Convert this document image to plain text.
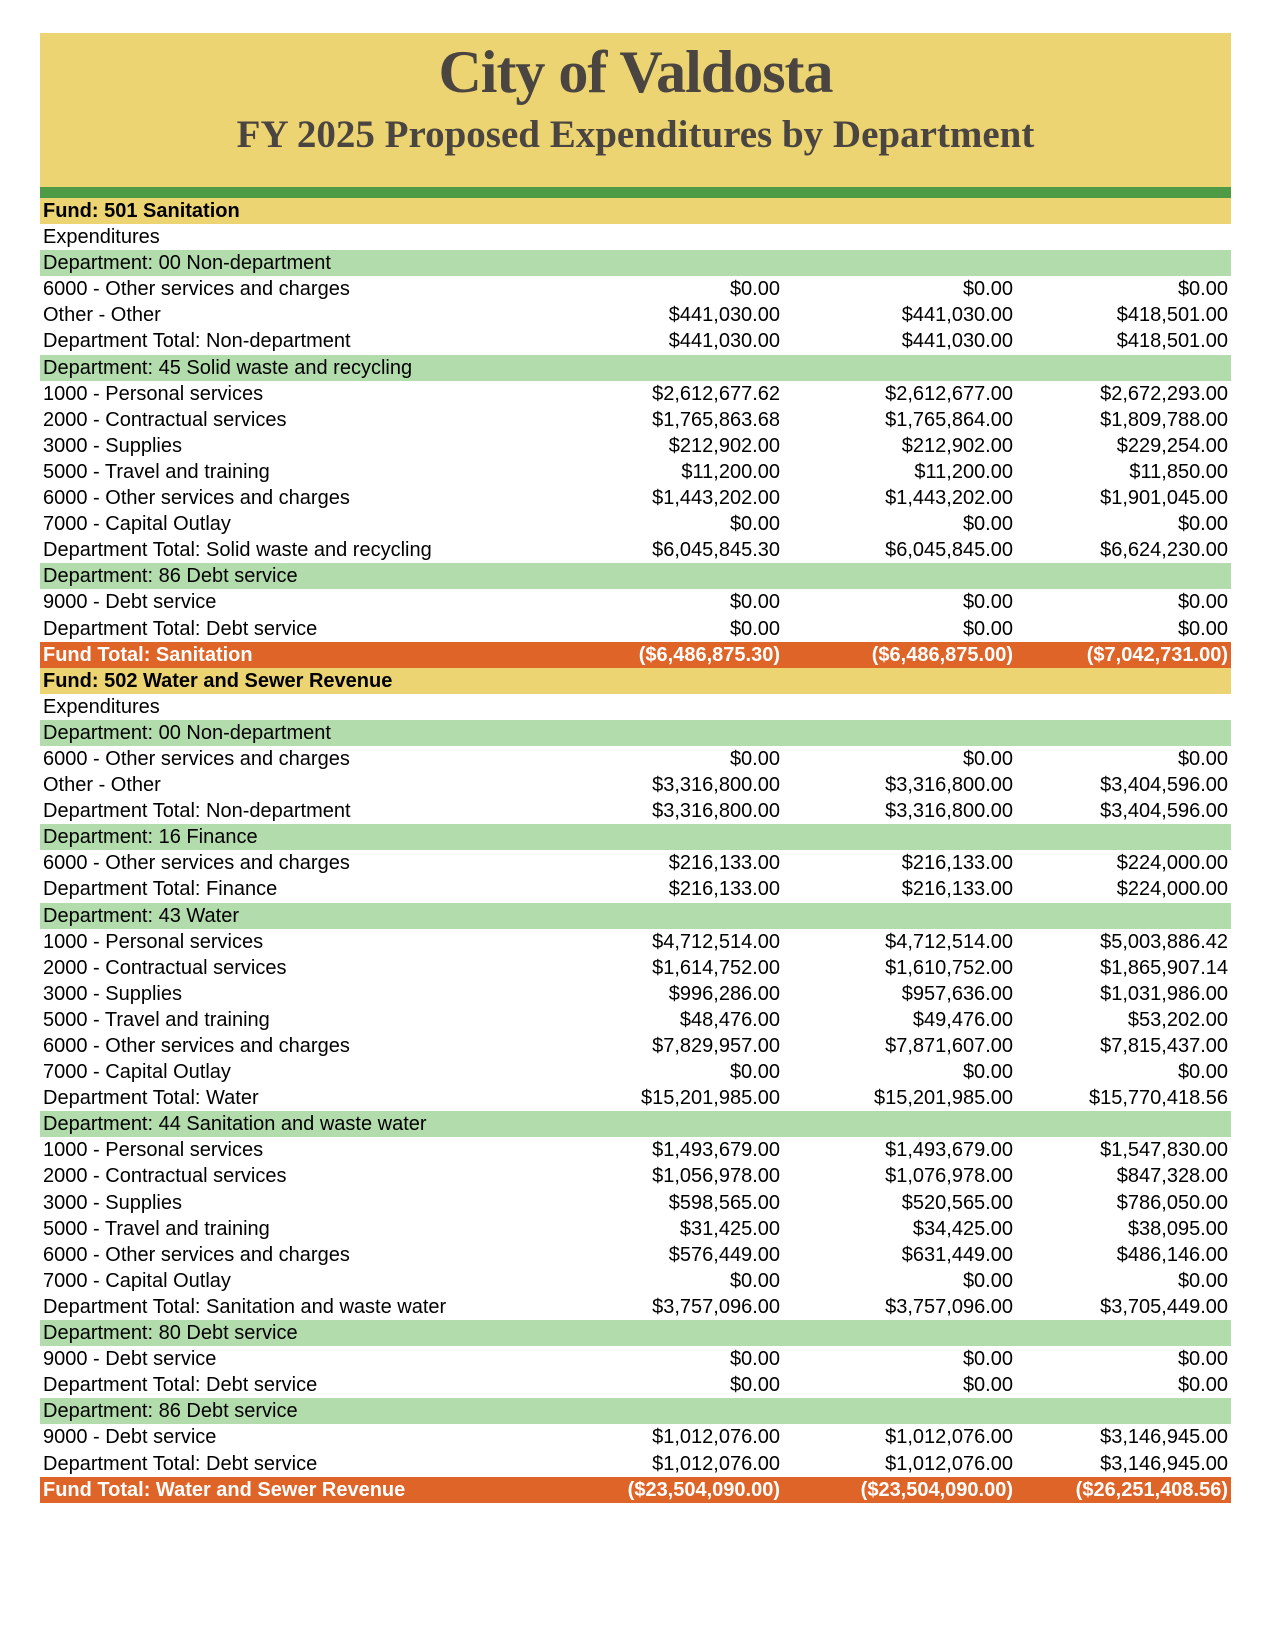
City of Valdosta
FY 2025 Proposed Expenditures by Department
Fund: 501 Sanitation
Expenditures
Department: 00 Non-department
6000 - Other services and charges	$0.00	$0.00	$0.00
Other - Other	$441,030.00	$441,030.00	$418,501.00
Department Total: Non-department	$441,030.00	$441,030.00	$418,501.00
Department: 45 Solid waste and recycling
1000 - Personal services	$2,612,677.62	$2,612,677.00	$2,672,293.00
2000 - Contractual services	$1,765,863.68	$1,765,864.00	$1,809,788.00
3000 - Supplies	$212,902.00	$212,902.00	$229,254.00
5000 - Travel and training	$11,200.00	$11,200.00	$11,850.00
6000 - Other services and charges	$1,443,202.00	$1,443,202.00	$1,901,045.00
7000 - Capital Outlay	$0.00	$0.00	$0.00
Department Total: Solid waste and recycling	$6,045,845.30	$6,045,845.00	$6,624,230.00
Department: 86 Debt service
9000 - Debt service	$0.00	$0.00	$0.00
Department Total: Debt service	$0.00	$0.00	$0.00
Fund Total: Sanitation	($6,486,875.30)	($6,486,875.00)	($7,042,731.00)
Fund: 502 Water and Sewer Revenue
Expenditures
Department: 00 Non-department
6000 - Other services and charges	$0.00	$0.00	$0.00
Other - Other	$3,316,800.00	$3,316,800.00	$3,404,596.00
Department Total: Non-department	$3,316,800.00	$3,316,800.00	$3,404,596.00
Department: 16 Finance
6000 - Other services and charges	$216,133.00	$216,133.00	$224,000.00
Department Total: Finance	$216,133.00	$216,133.00	$224,000.00
Department: 43 Water
1000 - Personal services	$4,712,514.00	$4,712,514.00	$5,003,886.42
2000 - Contractual services	$1,614,752.00	$1,610,752.00	$1,865,907.14
3000 - Supplies	$996,286.00	$957,636.00	$1,031,986.00
5000 - Travel and training	$48,476.00	$49,476.00	$53,202.00
6000 - Other services and charges	$7,829,957.00	$7,871,607.00	$7,815,437.00
7000 - Capital Outlay	$0.00	$0.00	$0.00
Department Total: Water	$15,201,985.00	$15,201,985.00	$15,770,418.56
Department: 44 Sanitation and waste water
1000 - Personal services	$1,493,679.00	$1,493,679.00	$1,547,830.00
2000 - Contractual services	$1,056,978.00	$1,076,978.00	$847,328.00
3000 - Supplies	$598,565.00	$520,565.00	$786,050.00
5000 - Travel and training	$31,425.00	$34,425.00	$38,095.00
6000 - Other services and charges	$576,449.00	$631,449.00	$486,146.00
7000 - Capital Outlay	$0.00	$0.00	$0.00
Department Total: Sanitation and waste water	$3,757,096.00	$3,757,096.00	$3,705,449.00
Department: 80 Debt service
9000 - Debt service	$0.00	$0.00	$0.00
Department Total: Debt service	$0.00	$0.00	$0.00
Department: 86 Debt service
9000 - Debt service	$1,012,076.00	$1,012,076.00	$3,146,945.00
Department Total: Debt service	$1,012,076.00	$1,012,076.00	$3,146,945.00
Fund Total: Water and Sewer Revenue	($23,504,090.00)	($23,504,090.00)	($26,251,408.56)
